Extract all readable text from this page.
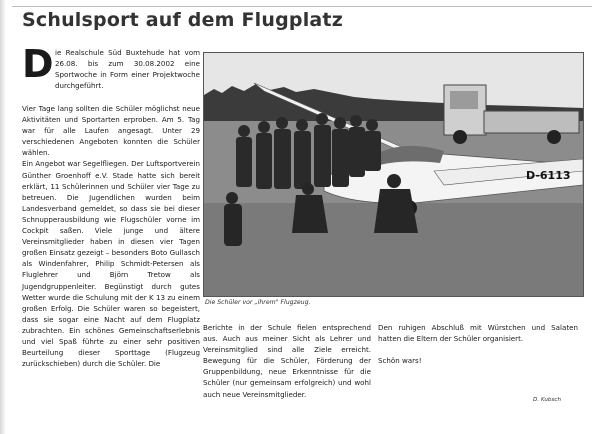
Schulsport auf dem Flugplatz
D ie Realschule Süd Buxtehude hat vom 26.08. bis zum 30.08.2002 eine Sportwoche in Form einer Projektwoche durchgeführt.

Vier Tage lang sollten die Schüler möglichst neue Aktivitäten und Sportarten erproben. Am 5. Tag war für alle Laufen angesagt. Unter 29 verschiedenen Angeboten konnten die Schüler wählen.

Ein Angebot war Segelfliegen. Der Luftsportverein Günther Groenhoff e.V. Stade hatte sich bereit erklärt, 11 Schülerinnen und Schüler vier Tage zu betreuen. Die Jugendlichen wurden beim Landesverband gemeldet, so dass sie bei dieser Schnupperausbildung wie Flugschüler vorne im Cockpit saßen. Viele junge und ältere Vereinsmitglieder haben in diesen vier Tagen großen Einsatz gezeigt – besonders Boto Gullasch als Windenfahrer, Philip Schmidt-Petersen als Fluglehrer und Björn Tretow als Jugendgruppenleiter. Begünstigt durch gutes Wetter wurde die Schulung mit der K 13 zu einem großen Erfolg. Die Schüler waren so begeistert, dass sie sogar eine Nacht auf dem Flugplatz zubrachten. Ein schönes Gemeinschaftserlebnis und viel Spaß führte zu einer sehr positiven Beurteilung dieser Sporttage (Flugzeug zurückschieben) durch die Schüler. Die

D-6113
Die Schüler vor „ihrem" Flugzeug.

Berichte in der Schule fielen entsprechend aus. Auch aus meiner Sicht als Lehrer und Vereinsmitglied sind alle Ziele erreicht. Bewegung für die Schüler, Förderung der Gruppenbildung, neue Erkenntnisse für die Schüler (nur gemeinsam erfolgreich) und wohl auch neue Vereinsmitglieder.

Den ruhigen Abschluß mit Würstchen und Salaten hatten die Eltern der Schüler organisiert.

Schön wars!

D. Kubsch
